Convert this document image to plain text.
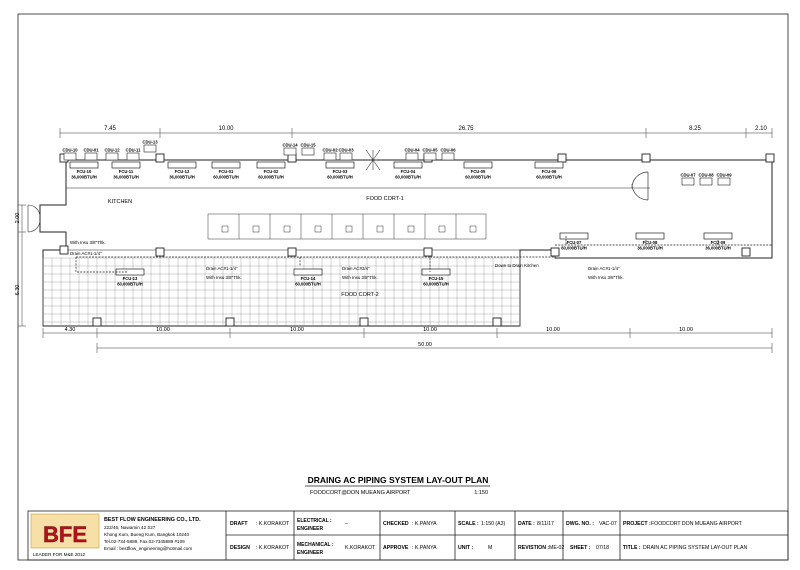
7.45	10.00	26.75	8.25	2.10
2.00
6.30
KITCHEN	FOOD CORT-1
FOOD CORT-2
CDU-10 CDU-01 CDU-12 CDU-11
CDU-13
CDU-14 CDU-15
CDU-02 CDU-03	CDU-04 CDU-05 CDU-06
CDU-07 CDU-08 CDU-09
FCU-10
36,000BTU/H
FCU-11
36,000BTU/H
FCU-12
36,000BTU/H
FCU-01
60,000BTU/H
FCU-02
60,000BTU/H
FCU-03
60,000BTU/H
FCU-04
60,000BTU/H
FCU-05
60,000BTU/H
FCU-06
60,000BTU/H
FCU-07
60,000BTU/H
FCU-08
36,000BTU/H
FCU-09
36,000BTU/H
FCU-13
60,000BTU/H
FCU-14
60,000BTU/H
FCU-15
60,000BTU/H
With Insu 3/8"Thk.
Drain AC#1-1/4"
Drain AC#1-1/4"
With Insu 3/8"Thk.
Drain AC#3/4"
With Insu 3/8"Thk.
Down to Drain Kitchen
Drain AC#1-1/4"
With Insu 3/8"Thk.
4.30	10.00	10.00	10.00	10.00	10.00
50.00
DRAING AC PIPING SYSTEM LAY-OUT PLAN
FOODCORT@DON MUEANG AIRPORT	1:150
BFE
LEADER FOR M&E 2012
BEST FLOW ENGINEERING CO., LTD.
222/46, Nawamin 42 ถ27
Khong Kum, Bueng Kum, Bangkok 10240
Tel.02-734-5889, Fax.02-7345889 #109
Email : bestflow_engineering@hotmail.com
DRAFT : K.KORAKOT
DESIGN : K.KORAKOT
ELECTRICAL :
ENGINEER
–
MECHANICAL :
ENGINEER
K.KORAKOT
CHECKED : K.PANYA
APPROVE : K.PANYA
SCALE : 1:150 (A3)
UNIT :	M
DATE : 8/11/17
REVISTION : ME-02
DWG. NO. : VAC-07
SHEET : 07/18
PROJECT : FOODCORT DON MUEANG AIRPORT
TITLE : DRAIN AC PIPING SYSTEM LAY-OUT PLAN
